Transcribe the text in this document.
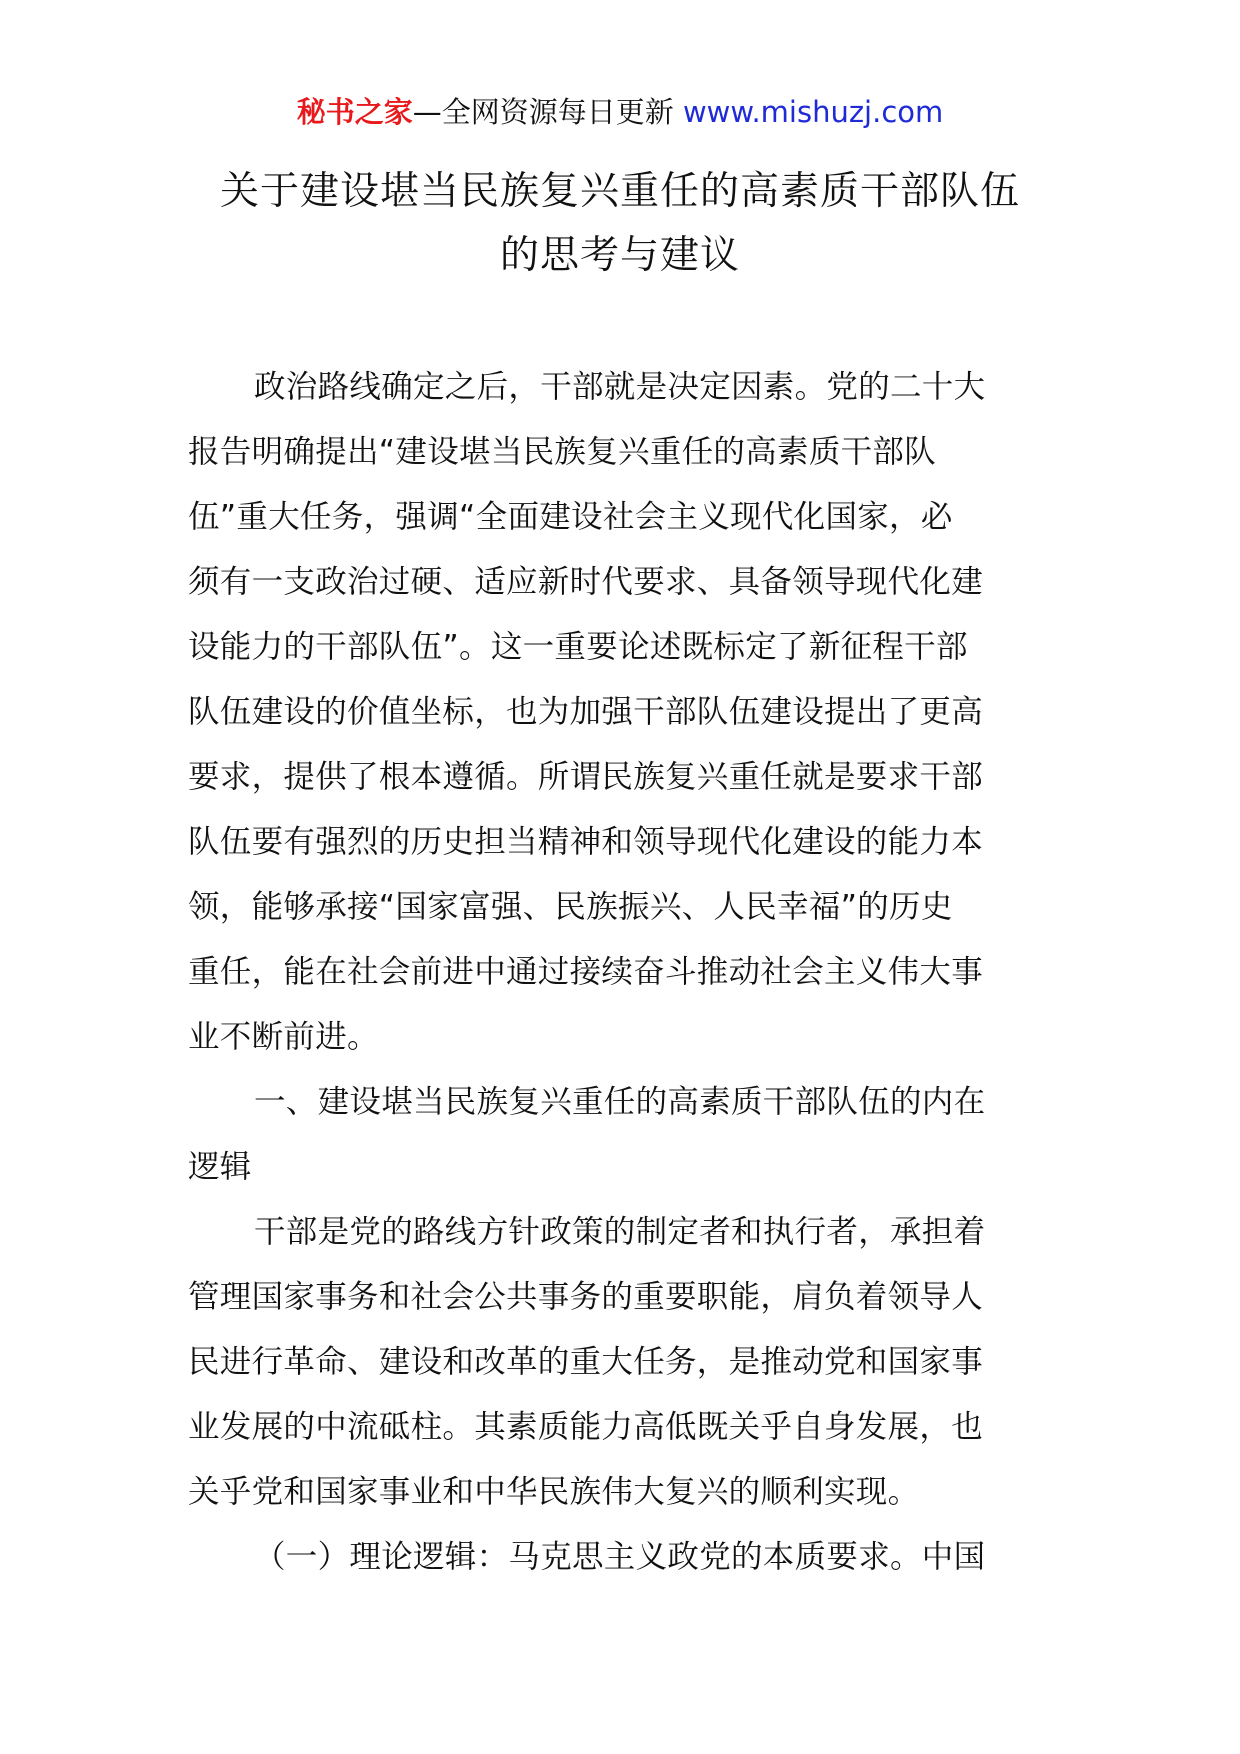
秘书之家—全网资源每日更新 www.mishuzj.com
关于建设堪当民族复兴重任的高素质干部队伍
的思考与建议
政治路线确定之后，干部就是决定因素。党的二十大
报告明确提出“建设堪当民族复兴重任的高素质干部队
伍”重大任务，强调“全面建设社会主义现代化国家，必
须有一支政治过硬、适应新时代要求、具备领导现代化建
设能力的干部队伍”。这一重要论述既标定了新征程干部
队伍建设的价值坐标，也为加强干部队伍建设提出了更高
要求，提供了根本遵循。所谓民族复兴重任就是要求干部
队伍要有强烈的历史担当精神和领导现代化建设的能力本
领，能够承接“国家富强、民族振兴、人民幸福”的历史
重任，能在社会前进中通过接续奋斗推动社会主义伟大事
业不断前进。
一、建设堪当民族复兴重任的高素质干部队伍的内在
逻辑
干部是党的路线方针政策的制定者和执行者，承担着
管理国家事务和社会公共事务的重要职能，肩负着领导人
民进行革命、建设和改革的重大任务，是推动党和国家事
业发展的中流砥柱。其素质能力高低既关乎自身发展，也
关乎党和国家事业和中华民族伟大复兴的顺利实现。
（一）理论逻辑：马克思主义政党的本质要求。中国
